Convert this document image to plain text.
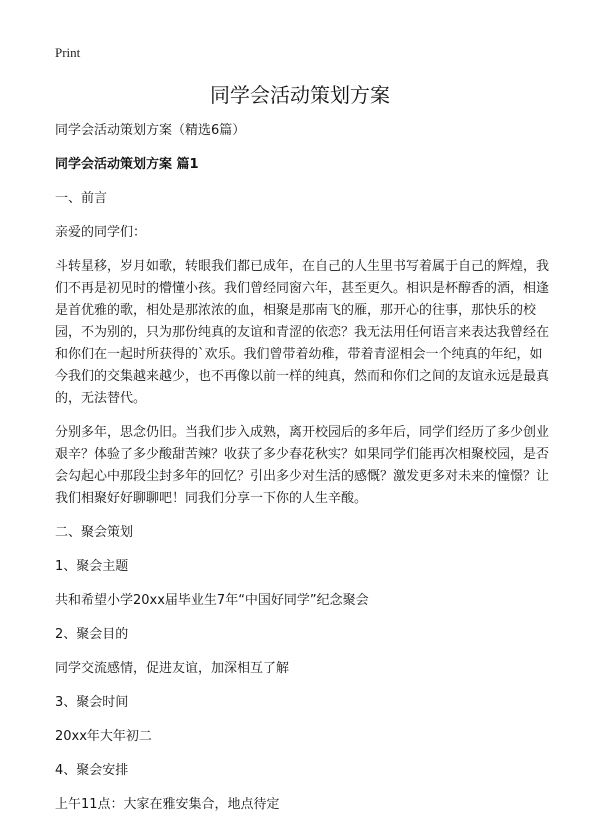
Print
同学会活动策划方案

同学会活动策划方案（精选6篇）

同学会活动策划方案 篇1

一、前言

亲爱的同学们：

斗转星移，岁月如歌，转眼我们都已成年，在自己的人生里书写着属于自己的辉煌，我们不再是初见时的懵懂小孩。我们曾经同窗六年，甚至更久。相识是杯醇香的酒，相逢是首优雅的歌，相处是那浓浓的血，相聚是那南飞的雁，那开心的往事，那快乐的校园，不为别的，只为那份纯真的友谊和青涩的依恋？我无法用任何语言来表达我曾经在和你们在一起时所获得的`欢乐。我们曾带着幼稚，带着青涩相会一个纯真的年纪，如今我们的交集越来越少，也不再像以前一样的纯真，然而和你们之间的友谊永远是最真的，无法替代。

分别多年，思念仍旧。当我们步入成熟，离开校园后的多年后，同学们经历了多少创业艰辛？体验了多少酸甜苦辣？收获了多少春花秋实？如果同学们能再次相聚校园，是否会勾起心中那段尘封多年的回忆？引出多少对生活的感慨？激发更多对未来的憧憬？让我们相聚好好聊聊吧！同我们分享一下你的人生辛酸。

二、聚会策划

1、聚会主题

共和希望小学20xx届毕业生7年“中国好同学”纪念聚会

2、聚会目的

同学交流感情，促进友谊，加深相互了解

3、聚会时间

20xx年大年初二

4、聚会安排

上午11点：大家在雅安集合，地点待定
